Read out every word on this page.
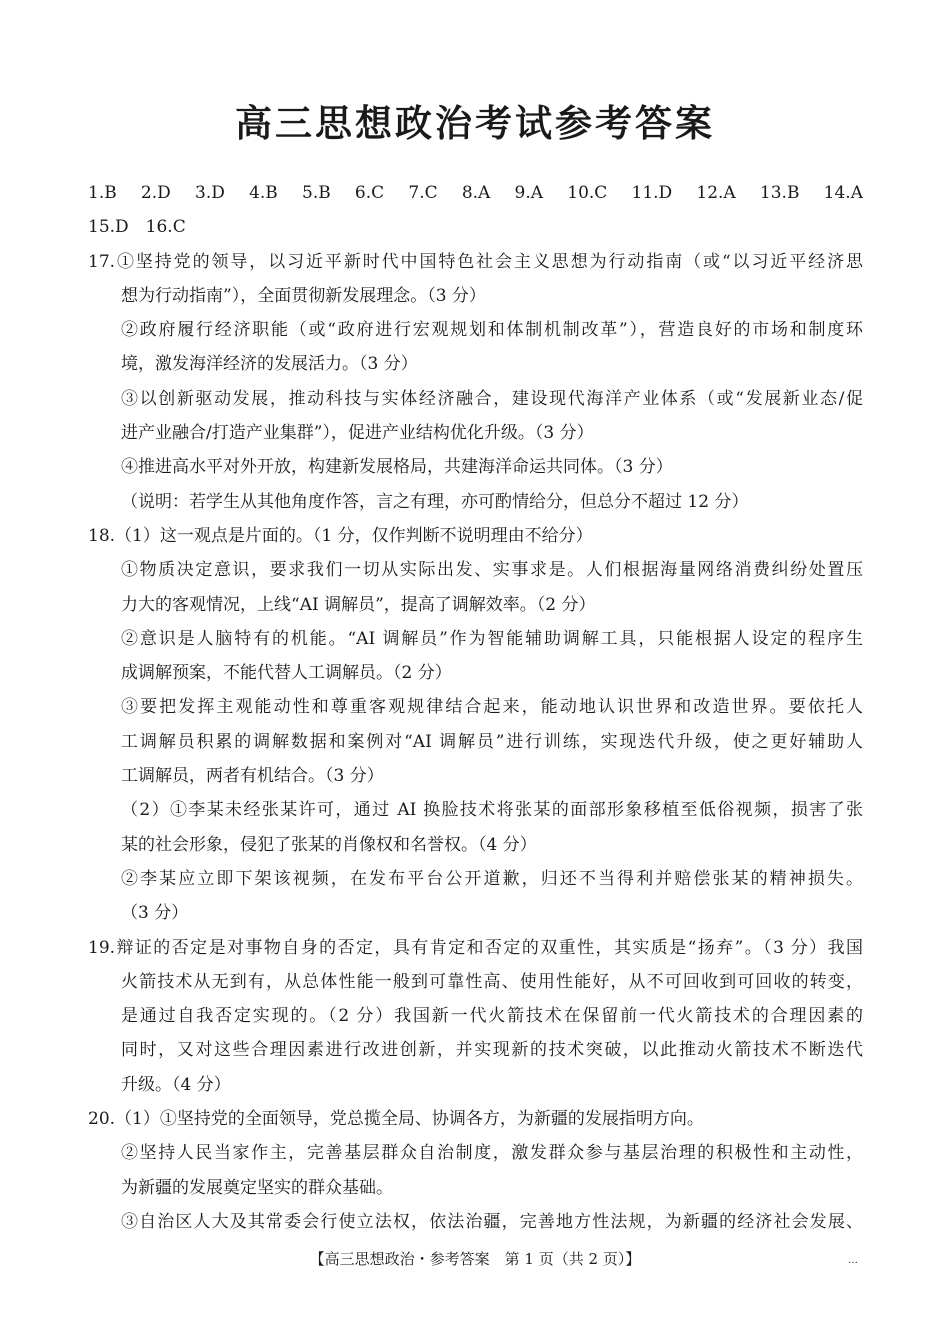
高三思想政治考试参考答案
1.B　2.D　3.D　4.B　5.B　6.C　7.C　8.A　9.A　10.C　11.D　12.A　13.B　14.A
15.D　16.C
17.①坚持党的领导，以习近平新时代中国特色社会主义思想为行动指南（或“以习近平经济思
想为行动指南”），全面贯彻新发展理念。（3 分）
②政府履行经济职能（或“政府进行宏观规划和体制机制改革”），营造良好的市场和制度环
境，激发海洋经济的发展活力。（3 分）
③以创新驱动发展，推动科技与实体经济融合，建设现代海洋产业体系（或“发展新业态/促
进产业融合/打造产业集群”），促进产业结构优化升级。（3 分）
④推进高水平对外开放，构建新发展格局，共建海洋命运共同体。（3 分）
（说明：若学生从其他角度作答，言之有理，亦可酌情给分，但总分不超过 12 分）
18.（1）这一观点是片面的。（1 分，仅作判断不说明理由不给分）
①物质决定意识，要求我们一切从实际出发、实事求是。人们根据海量网络消费纠纷处置压
力大的客观情况，上线“AI 调解员”，提高了调解效率。（2 分）
②意识是人脑特有的机能。“AI 调解员”作为智能辅助调解工具，只能根据人设定的程序生
成调解预案，不能代替人工调解员。（2 分）
③要把发挥主观能动性和尊重客观规律结合起来，能动地认识世界和改造世界。要依托人
工调解员积累的调解数据和案例对“AI 调解员”进行训练，实现迭代升级，使之更好辅助人
工调解员，两者有机结合。（3 分）
（2）①李某未经张某许可，通过 AI 换脸技术将张某的面部形象移植至低俗视频，损害了张
某的社会形象，侵犯了张某的肖像权和名誉权。（4 分）
②李某应立即下架该视频，在发布平台公开道歉，归还不当得利并赔偿张某的精神损失。
（3 分）
19.辩证的否定是对事物自身的否定，具有肯定和否定的双重性，其实质是“扬弃”。（3 分）我国
火箭技术从无到有，从总体性能一般到可靠性高、使用性能好，从不可回收到可回收的转变，
是通过自我否定实现的。（2 分）我国新一代火箭技术在保留前一代火箭技术的合理因素的
同时，又对这些合理因素进行改进创新，并实现新的技术突破，以此推动火箭技术不断迭代
升级。（4 分）
20.（1）①坚持党的全面领导，党总揽全局、协调各方，为新疆的发展指明方向。
②坚持人民当家作主，完善基层群众自治制度，激发群众参与基层治理的积极性和主动性，
为新疆的发展奠定坚实的群众基础。
③自治区人大及其常委会行使立法权，依法治疆，完善地方性法规，为新疆的经济社会发展、
【高三思想政治・参考答案　第 1 页（共 2 页）】	…
